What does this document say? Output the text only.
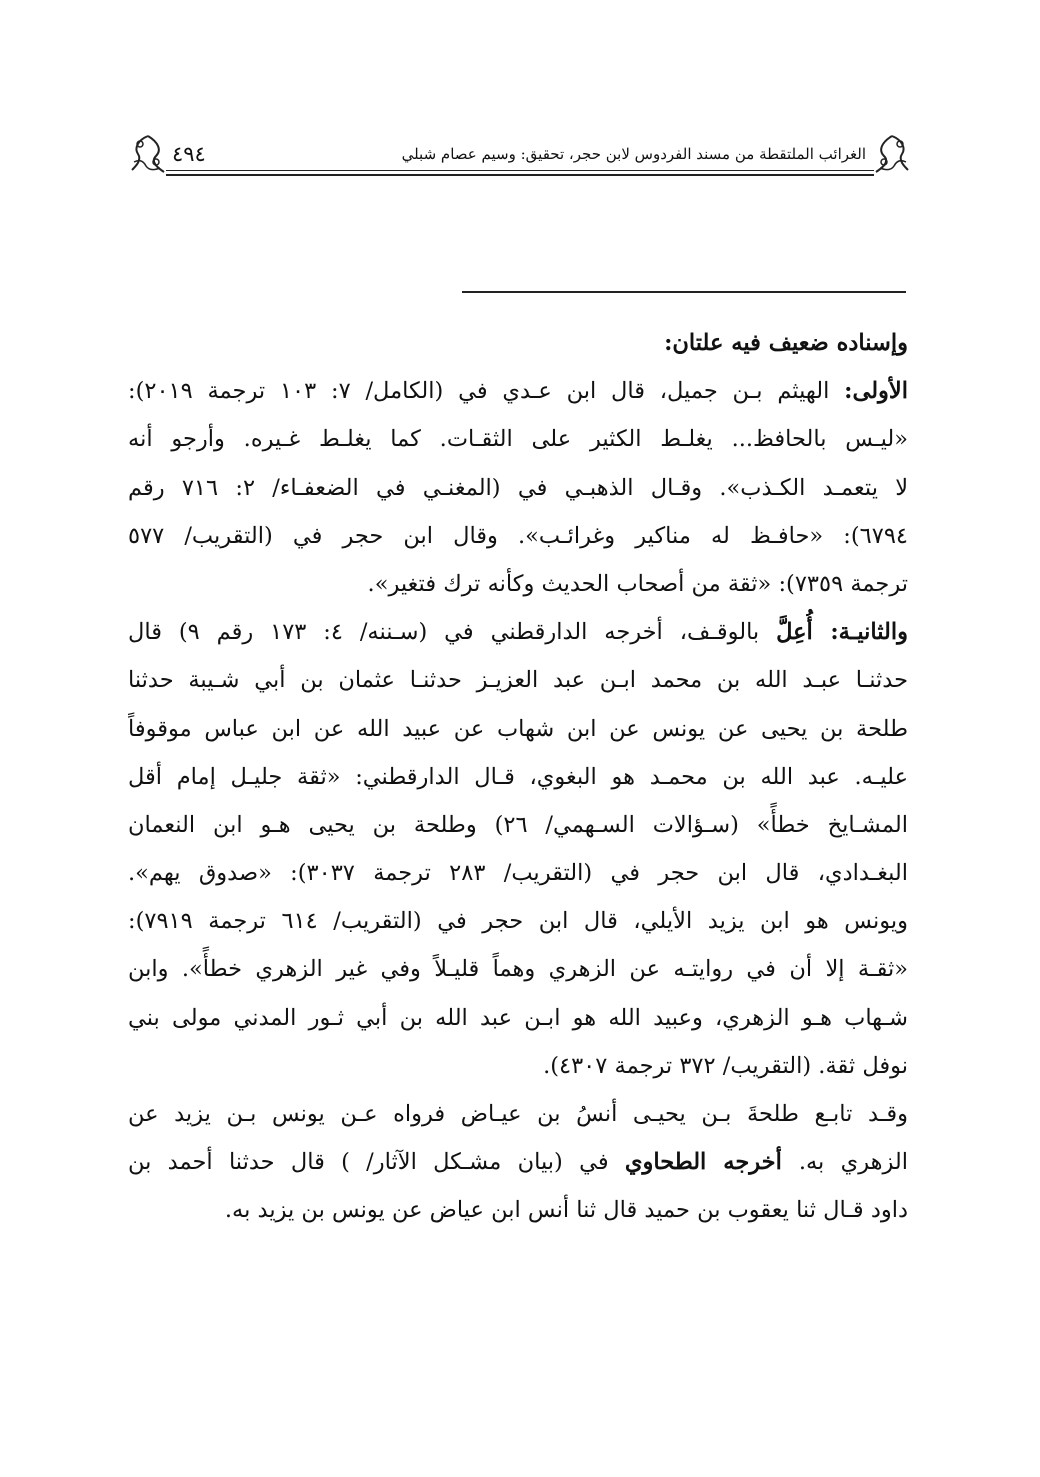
٤٩٤	الغرائب الملتقطة من مسند الفردوس لابن حجر، تحقيق: وسيم عصام شبلي
وإسناده ضعيف فيه علتان:
الأولى: الهيثم بـن جميل، قال ابن عـدي في (الكامل/ ٧: ١٠٣ ترجمة ٢٠١٩):
«ليـس بالحافظ... يغلـط الكثير على الثقـات. كما يغلـط غـيره. وأرجو أنه
لا يتعمـد الكـذب». وقـال الذهبـي في (المغنـي في الضعفـاء/ ٢: ٧١٦ رقم
٦٧٩٤): «حافـظ له مناكير وغرائـب». وقال ابن حجر في (التقريب/ ٥٧٧
ترجمة ٧٣٥٩): «ثقة من أصحاب الحديث وكأنه ترك فتغير».
والثانيـة: أُعِلَّ بالوقـف، أخرجه الدارقطني في (سـننه/ ٤: ١٧٣ رقم ٩) قال
حدثنـا عبـد الله بن محمد ابـن عبد العزيـز حدثنـا عثمان بن أبي شـيبة حدثنا
طلحة بن يحيى عن يونس عن ابن شهاب عن عبيد الله عن ابن عباس موقوفاً
عليـه. عبد الله بن محمـد هو البغوي، قـال الدارقطني: «ثقة جليـل إمام أقل
المشـايخ خطأً» (سـؤالات السـهمي/ ٢٦) وطلحة بن يحيى هـو ابن النعمان
البغـدادي، قال ابن حجر في (التقريب/ ٢٨٣ ترجمة ٣٠٣٧): «صدوق يهم».
ويونس هو ابن يزيد الأيلي، قال ابن حجر في (التقريب/ ٦١٤ ترجمة ٧٩١٩):
«ثقـة إلا أن في روايتـه عن الزهري وهماً قليـلاً وفي غير الزهري خطأً». وابن
شـهاب هـو الزهري، وعبيد الله هو ابـن عبد الله بن أبي ثـور المدني مولى بني
نوفل ثقة. (التقريب/ ٣٧٢ ترجمة ٤٣٠٧).
وقـد تابـع طلحةَ بـن يحيـى أنسُ بن عيـاض فرواه عـن يونس بـن يزيد عن
الزهري به. أخرجه الطحاوي في (بيان مشـكل الآثار/ ) قال حدثنا أحمد بن
داود قـال ثنا يعقوب بن حميد قال ثنا أنس ابن عياض عن يونس بن يزيد به.
